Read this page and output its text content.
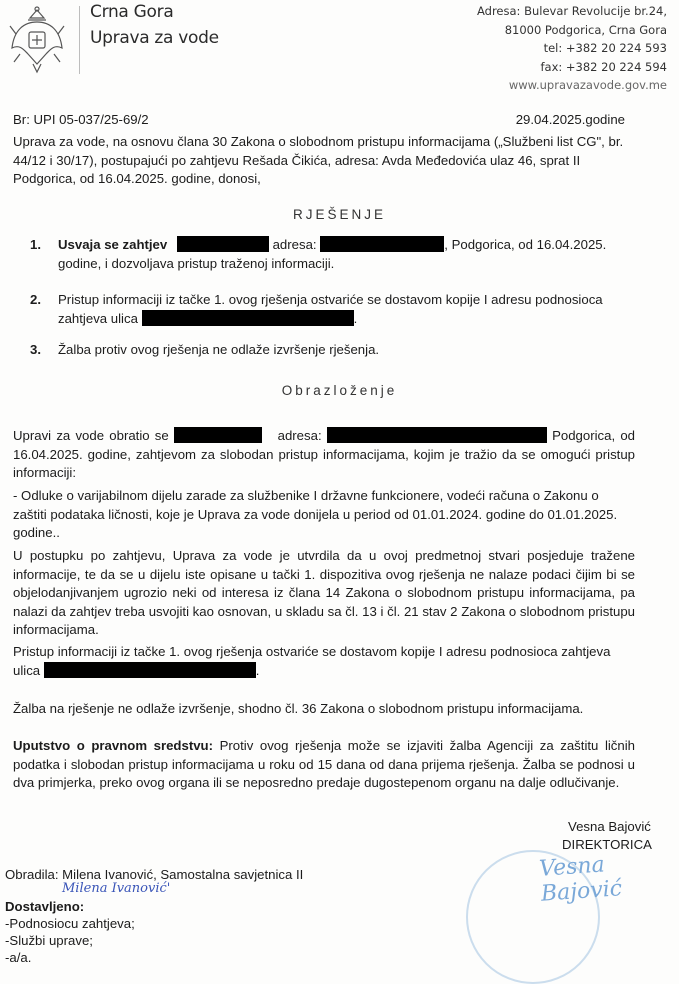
Crna Gora
Uprava za vode
Adresa: Bulevar Revolucije br.24,
81000 Podgorica, Crna Gora
tel: +382 20 224 593
fax: +382 20 224 594
www.upravazavode.gov.me
Br: UPI 05-037/25-69/2	29.04.2025.godine
Uprava za vode, na osnovu člana 30 Zakona o slobodnom pristupu informacijama („Službeni list CG", br. 44/12 i 30/17), postupajući po zahtjevu Rešada Čikića, adresa: Avda Međedovića ulaz 46, sprat II Podgorica, od 16.04.2025. godine, donosi,
RJEŠENJE
1. Usvaja se zahtjev	adresa:	, Podgorica, od 16.04.2025. godine, i dozvoljava pristup traženoj informaciji.
2. Pristup informaciji iz tačke 1. ovog rješenja ostvariće se dostavom kopije I adresu podnosioca zahtjeva ulica	.
3. Žalba protiv ovog rješenja ne odlaže izvršenje rješenja.
Obrazloženje
Upravi za vode obratio se	adresa:	Podgorica, od 16.04.2025. godine, zahtjevom za slobodan pristup informacijama, kojim je tražio da se omogući pristup informaciji:
- Odluke o varijabilnom dijelu zarade za službenike I državne funkcionere, vodeći računa o Zakonu o zaštiti podataka ličnosti, koje je Uprava za vode donijela u period od 01.01.2024. godine do 01.01.2025. godine..
U postupku po zahtjevu, Uprava za vode je utvrdila da u ovoj predmetnoj stvari posjeduje tražene informacije, te da se u dijelu iste opisane u tački 1. dispozitiva ovog rješenja ne nalaze podaci čijim bi se objelodanjivanjem ugrozio neki od interesa iz člana 14 Zakona o slobodnom pristupu informacijama, pa nalazi da zahtjev treba usvojiti kao osnovan, u skladu sa čl. 13 i čl. 21 stav 2 Zakona o slobodnom pristupu informacijama.
Pristup informaciji iz tačke 1. ovog rješenja ostvariće se dostavom kopije I adresu podnosioca zahtjeva ulica	.
Žalba na rješenje ne odlaže izvršenje, shodno čl. 36 Zakona o slobodnom pristupu informacijama.
Uputstvo o pravnom sredstvu: Protiv ovog rješenja može se izjaviti žalba Agenciji za zaštitu ličnih podatka i slobodan pristup informacijama u roku od 15 dana od dana prijema rješenja. Žalba se podnosi u dva primjerka, preko ovog organa ili se neposredno predaje dugostepenom organu na dalje odlučivanje.
Vesna Bajović
DIREKTORICA
Vesna Bajović
Obradila: Milena Ivanović, Samostalna savjetnica II
Milena Ivanović'
Dostavljeno:
-Podnosiocu zahtjeva;
-Službi uprave;
-a/a.
